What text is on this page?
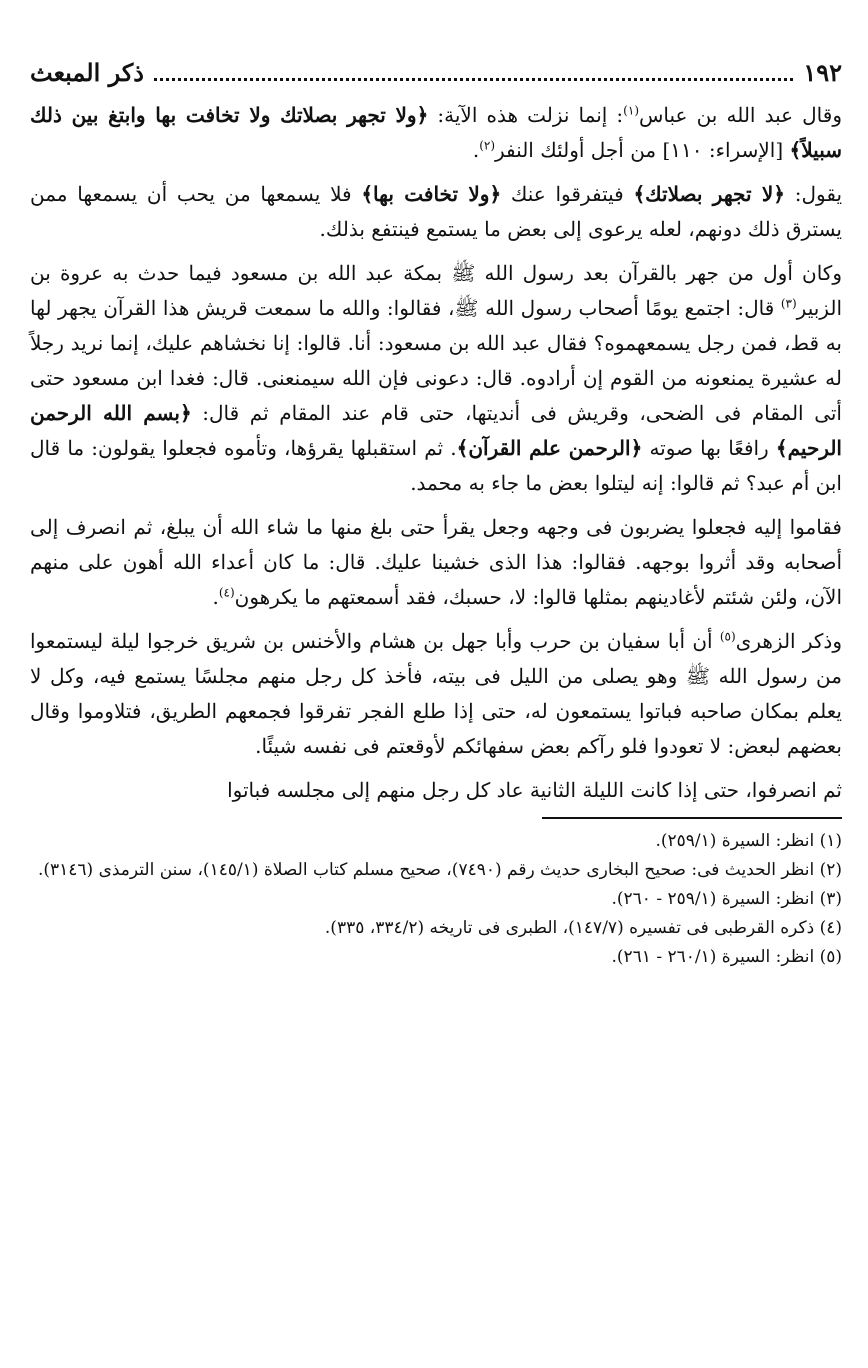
١٩٢
ذكر المبعث

وقال عبد الله بن عباس$^{(١)}$: إنما نزلت هذه الآية: ﴿ولا تجهر بصلاتك ولا تخافت بها وابتغ بين ذلك سبيلاً﴾ [الإسراء: ١١٠] من أجل أولئك النفر$^{(٢)}$.

يقول: ﴿لا تجهر بصلاتك﴾ فيتفرقوا عنك ﴿ولا تخافت بها﴾ فلا يسمعها من يحب أن يسمعها ممن يسترق ذلك دونهم، لعله يرعوى إلى بعض ما يستمع فينتفع بذلك.

وكان أول من جهر بالقرآن بعد رسول الله ﷺ بمكة عبد الله بن مسعود فيما حدث به عروة بن الزبير$^{(٣)}$ قال: اجتمع يومًا أصحاب رسول الله ﷺ، فقالوا: والله ما سمعت قريش هذا القرآن يجهر لها به قط، فمن رجل يسمعهموه؟ فقال عبد الله بن مسعود: أنا. قالوا: إنا نخشاهم عليك، إنما نريد رجلاً له عشيرة يمنعونه من القوم إن أرادوه. قال: دعونى فإن الله سيمنعنى. قال: فغدا ابن مسعود حتى أتى المقام فى الضحى، وقريش فى أنديتها، حتى قام عند المقام ثم قال: ﴿بسم الله الرحمن الرحيم﴾ رافعًا بها صوته ﴿الرحمن علم القرآن﴾. ثم استقبلها يقرؤها، وتأموه فجعلوا يقولون: ما قال ابن أم عبد؟ ثم قالوا: إنه ليتلوا بعض ما جاء به محمد.

فقاموا إليه فجعلوا يضربون فى وجهه وجعل يقرأ حتى بلغ منها ما شاء الله أن يبلغ، ثم انصرف إلى أصحابه وقد أثروا بوجهه. فقالوا: هذا الذى خشينا عليك. قال: ما كان أعداء الله أهون على منهم الآن، ولئن شئتم لأغادينهم بمثلها قالوا: لا، حسبك، فقد أسمعتهم ما يكرهون$^{(٤)}$.

وذكر الزهرى$^{(٥)}$ أن أبا سفيان بن حرب وأبا جهل بن هشام والأخنس بن شريق خرجوا ليلة ليستمعوا من رسول الله ﷺ وهو يصلى من الليل فى بيته، فأخذ كل رجل منهم مجلسًا يستمع فيه، وكل لا يعلم بمكان صاحبه فباتوا يستمعون له، حتى إذا طلع الفجر تفرقوا فجمعهم الطريق، فتلاوموا وقال بعضهم لبعض: لا تعودوا فلو رآكم بعض سفهائكم لأوقعتم فى نفسه شيئًا.

ثم انصرفوا، حتى إذا كانت الليلة الثانية عاد كل رجل منهم إلى مجلسه فباتوا

(١) انظر: السيرة (٢٥٩/١).

(٢) انظر الحديث فى: صحيح البخارى حديث رقم (٧٤٩٠)، صحيح مسلم كتاب الصلاة (١٤٥/١)، سنن الترمذى (٣١٤٦).

(٣) انظر: السيرة (٢٥٩/١ - ٢٦٠).

(٤) ذكره القرطبى فى تفسيره (١٤٧/٧)، الطبرى فى تاريخه (٣٣٤/٢، ٣٣٥).

(٥) انظر: السيرة (٢٦٠/١ - ٢٦١).
